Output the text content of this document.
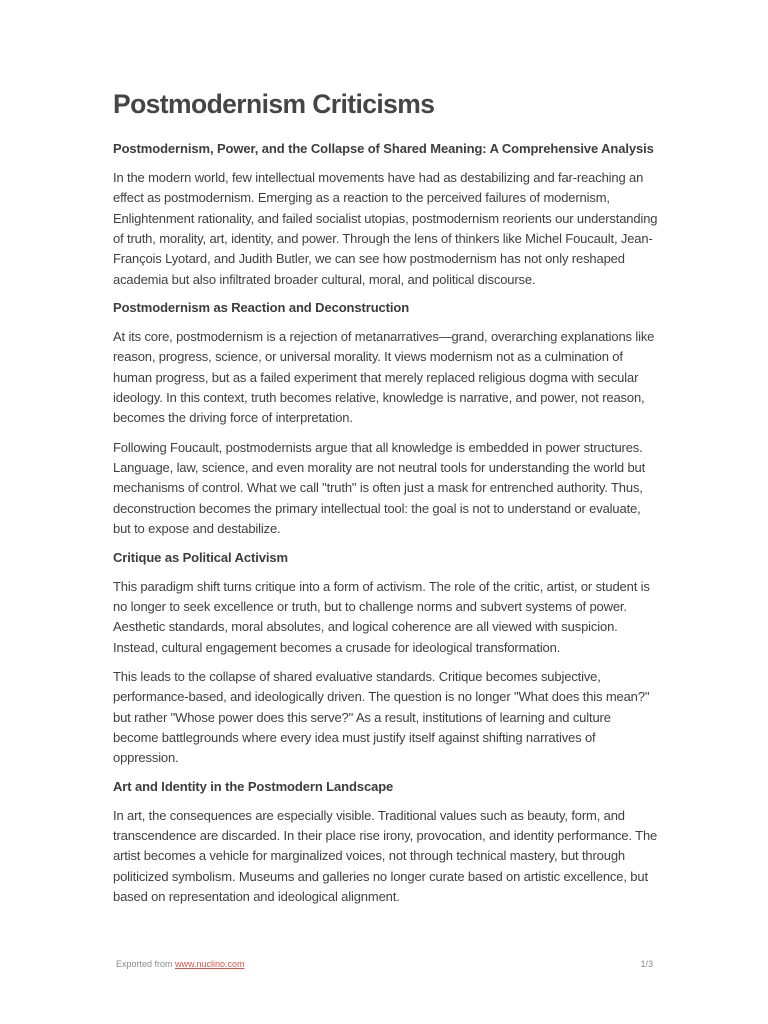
Postmodernism Criticisms

Postmodernism, Power, and the Collapse of Shared Meaning: A Comprehensive Analysis

In the modern world, few intellectual movements have had as destabilizing and far-reaching an effect as postmodernism. Emerging as a reaction to the perceived failures of modernism, Enlightenment rationality, and failed socialist utopias, postmodernism reorients our understanding of truth, morality, art, identity, and power. Through the lens of thinkers like Michel Foucault, Jean-François Lyotard, and Judith Butler, we can see how postmodernism has not only reshaped academia but also infiltrated broader cultural, moral, and political discourse.

Postmodernism as Reaction and Deconstruction

At its core, postmodernism is a rejection of metanarratives—grand, overarching explanations like reason, progress, science, or universal morality. It views modernism not as a culmination of human progress, but as a failed experiment that merely replaced religious dogma with secular ideology. In this context, truth becomes relative, knowledge is narrative, and power, not reason, becomes the driving force of interpretation.

Following Foucault, postmodernists argue that all knowledge is embedded in power structures. Language, law, science, and even morality are not neutral tools for understanding the world but mechanisms of control. What we call "truth" is often just a mask for entrenched authority. Thus, deconstruction becomes the primary intellectual tool: the goal is not to understand or evaluate, but to expose and destabilize.

Critique as Political Activism

This paradigm shift turns critique into a form of activism. The role of the critic, artist, or student is no longer to seek excellence or truth, but to challenge norms and subvert systems of power. Aesthetic standards, moral absolutes, and logical coherence are all viewed with suspicion. Instead, cultural engagement becomes a crusade for ideological transformation.

This leads to the collapse of shared evaluative standards. Critique becomes subjective, performance-based, and ideologically driven. The question is no longer "What does this mean?" but rather "Whose power does this serve?" As a result, institutions of learning and culture become battlegrounds where every idea must justify itself against shifting narratives of oppression.

Art and Identity in the Postmodern Landscape

In art, the consequences are especially visible. Traditional values such as beauty, form, and transcendence are discarded. In their place rise irony, provocation, and identity performance. The artist becomes a vehicle for marginalized voices, not through technical mastery, but through politicized symbolism. Museums and galleries no longer curate based on artistic excellence, but based on representation and ideological alignment.

Exported from www.nuclino.com	1/3
